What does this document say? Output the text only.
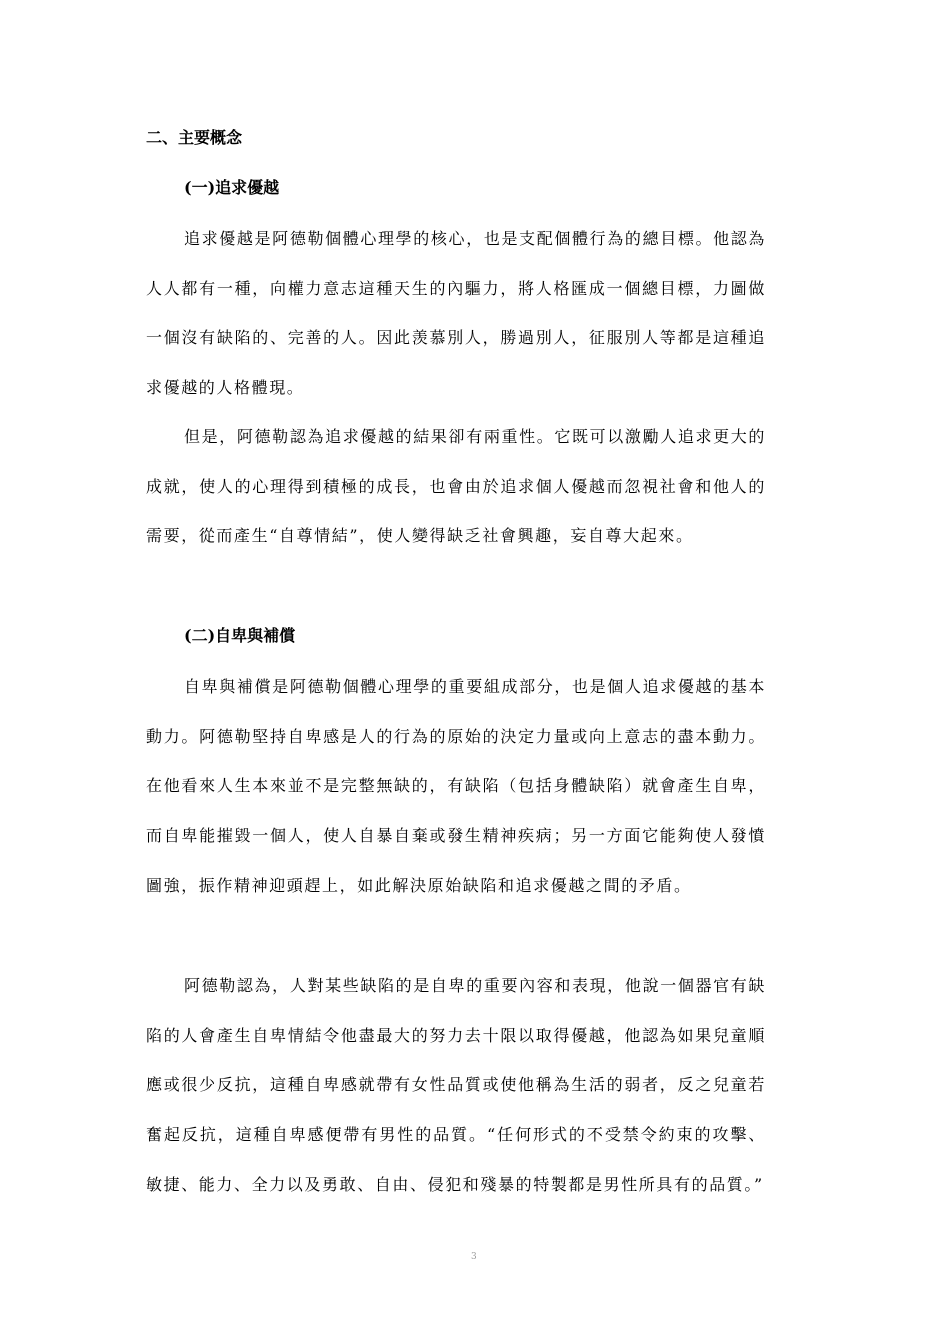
二、主要概念
(一)追求優越

追求優越是阿德勒個體心理學的核心，也是支配個體行為的總目標。他認為人人都有一種，向權力意志這種天生的內驅力，將人格匯成一個總目標，力圖做一個沒有缺陷的、完善的人。因此羡慕別人，勝過別人，征服別人等都是這種追求優越的人格體現。

但是，阿德勒認為追求優越的結果卻有兩重性。它既可以激勵人追求更大的成就，使人的心理得到積極的成長，也會由於追求個人優越而忽視社會和他人的需要，從而產生“自尊情結”，使人變得缺乏社會興趣，妄自尊大起來。

(二)自卑與補償

自卑與補償是阿德勒個體心理學的重要組成部分，也是個人追求優越的基本動力。阿德勒堅持自卑感是人的行為的原始的決定力量或向上意志的盡本動力。在他看來人生本來並不是完整無缺的，有缺陷（包括身體缺陷）就會產生自卑，而自卑能摧毀一個人，使人自暴自棄或發生精神疾病；另一方面它能夠使人發憤圖強，振作精神迎頭趕上，如此解決原始缺陷和追求優越之間的矛盾。

阿德勒認為，人對某些缺陷的是自卑的重要內容和表現，他說一個器官有缺陷的人會產生自卑情結令他盡最大的努力去十限以取得優越，他認為如果兒童順應或很少反抗，這種自卑感就帶有女性品質或使他稱為生活的弱者，反之兒童若奮起反抗，這種自卑感便帶有男性的品質。“任何形式的不受禁令約束的攻擊、敏捷、能力、全力以及勇敢、自由、侵犯和殘暴的特製都是男性所具有的品質。”

3
